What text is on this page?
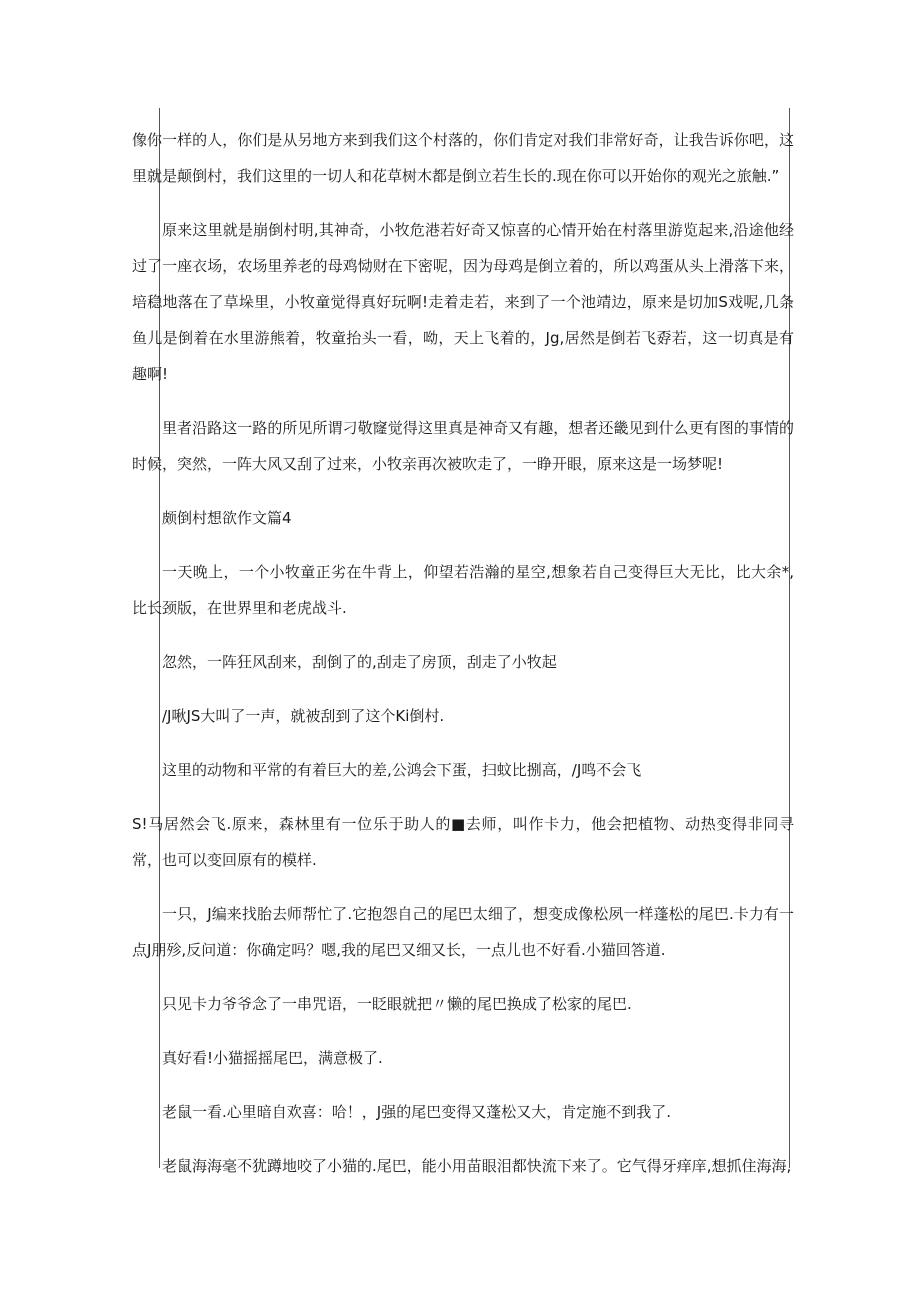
像你一样的人，你们是从另地方来到我们这个村落的，你们肯定对我们非常好奇，让我告诉你吧，这里就是颠倒村，我们这里的一切人和花草树木都是倒立若生长的.现在你可以开始你的观光之旅触.”

原来这里就是崩倒村明,其神奇，小牧危港若好奇又惊喜的心情开始在村落里游览起来,沿途他经过了一座衣场，农场里养老的母鸡恸财在下密呢，因为母鸡是倒立着的，所以鸡蛋从头上滑落下来，培稳地落在了草垛里，小牧童觉得真好玩啊!走着走若，来到了一个池靖边，原来是切加S戏呢,几条鱼儿是倒着在水里游熊着，牧童抬头一看，呦，天上飞着的，Jg,居然是倒若飞孬若，这一切真是有趣啊!

里者沿路这一路的所见所谓刁敬窿觉得这里真是神奇又有趣，想者还畿见到什么更有图的事情的时候，突然，一阵大风又刮了过来，小牧亲再次被吹走了，一睁开眼，原来这是一场梦呢!

颇倒村想欲作文篇4

一天晚上，一个小牧童正劣在牛背上，仰望若浩瀚的星空,想象若自己变得巨大无比，比大余*,比长颈版，在世界里和老虎战斗.

忽然，一阵狂风刮来，刮倒了的,刮走了房顶，刮走了小牧起

/J啾JS大叫了一声，就被刮到了这个Ki倒村.

这里的动物和平常的有着巨大的差,公鸿会下蛋，扫蚊比捌高，/J鸣不会飞

S!马居然会飞.原来，森林里有一位乐于助人的■去师，叫作卡力，他会把植物、动热变得非同寻常，也可以变回原有的模样.

一只，J编来找胎去师帮忙了.它抱怨自己的尾巴太细了，想变成像松夙一样蓬松的尾巴.卡力有一点J朋殄,反问道：你确定吗？嗯,我的尾巴又细又长，一点儿也不好看.小猫回答道.

只见卡力爷爷念了一串咒语，一眨眼就把〃懒的尾巴换成了松家的尾巴.

真好看!小猫摇摇尾巴，满意极了.

老鼠一看.心里暗自欢喜：哈！，J强的尾巴变得又蓬松又大，肯定施不到我了.

老鼠海海毫不犹蹲地咬了小猫的.尾巴，能小用苗眼泪都快流下来了。它气得牙痒庠,想抓住海海,
